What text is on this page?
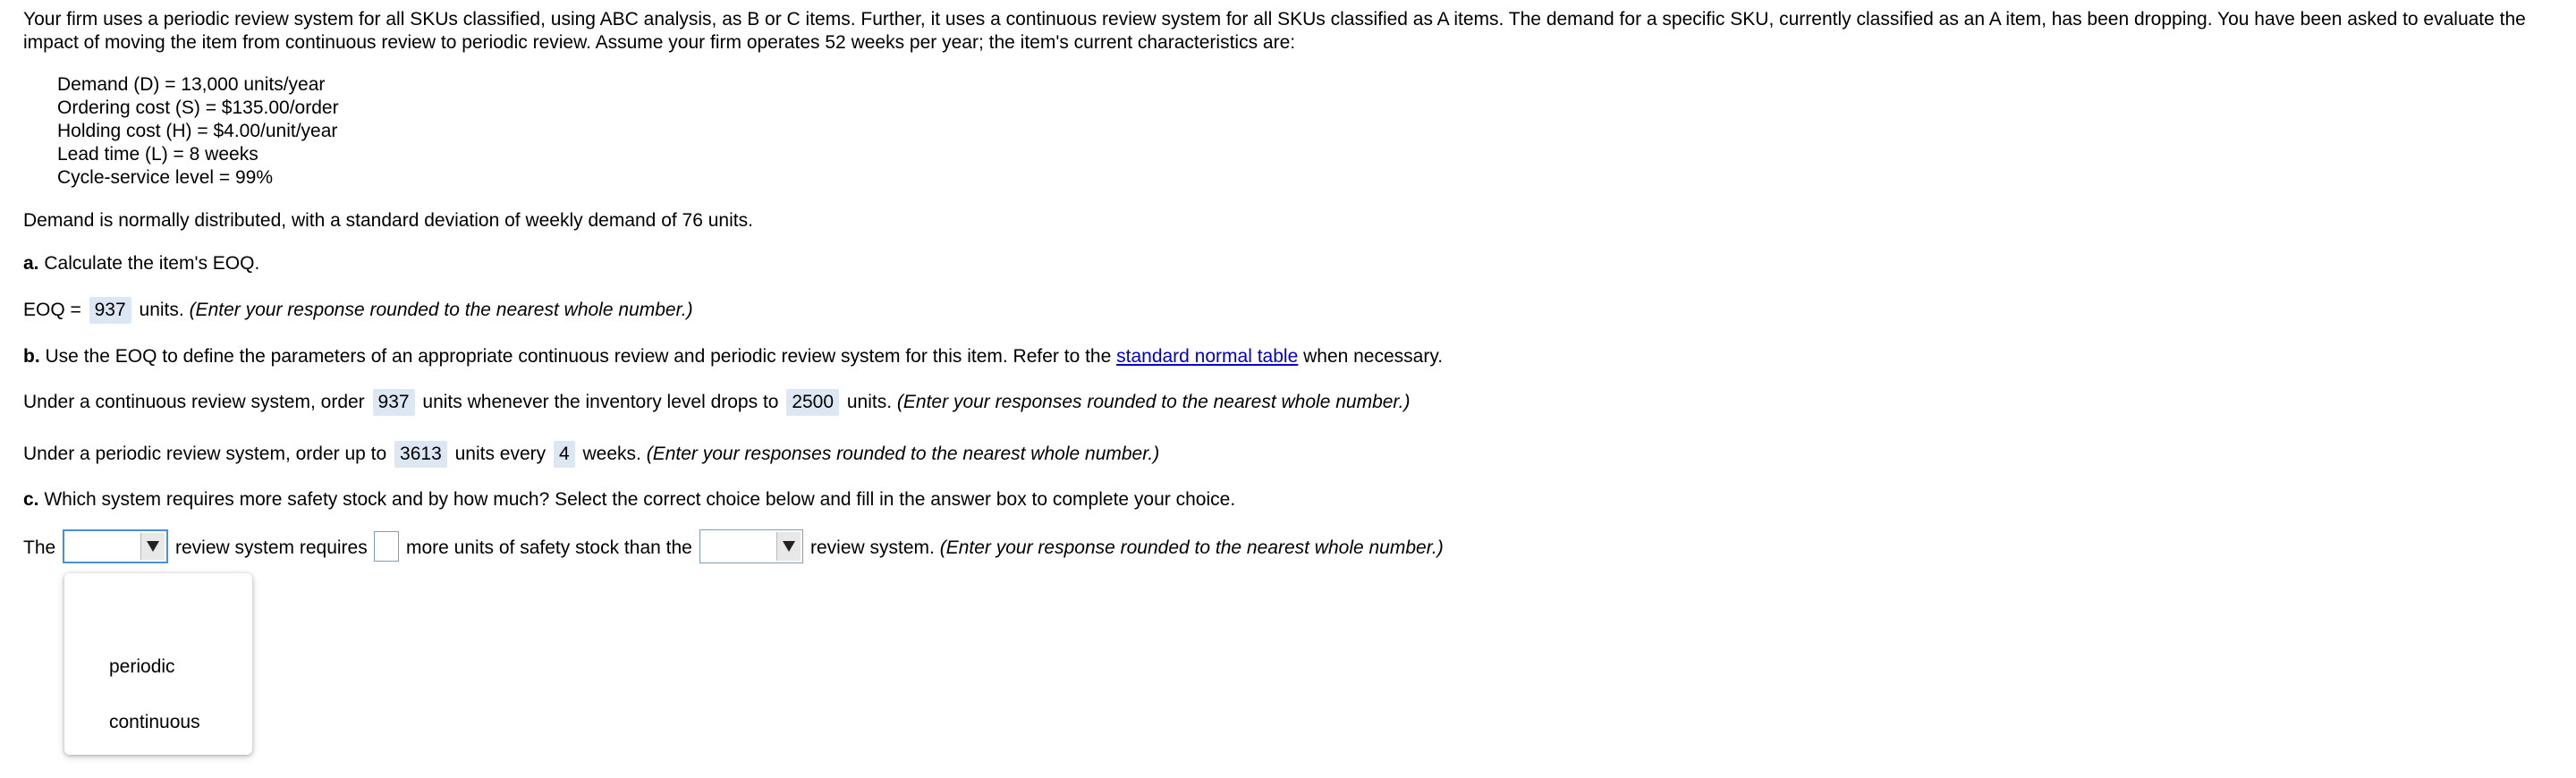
Your firm uses a periodic review system for all SKUs classified, using ABC analysis, as B or C items. Further, it uses a continuous review system for all SKUs classified as A items. The demand for a specific SKU, currently classified as an A item, has been dropping. You have been asked to evaluate the
impact of moving the item from continuous review to periodic review. Assume your firm operates 52 weeks per year; the item's current characteristics are:
Demand (D) = 13,000 units/year
Ordering cost (S) = $135.00/order
Holding cost (H) = $4.00/unit/year
Lead time (L) = 8 weeks
Cycle-service level = 99%
Demand is normally distributed, with a standard deviation of weekly demand of 76 units.
a. Calculate the item's EOQ.
EOQ = 937 units. (Enter your response rounded to the nearest whole number.)
b. Use the EOQ to define the parameters of an appropriate continuous review and periodic review system for this item. Refer to the standard normal table when necessary.
Under a continuous review system, order 937 units whenever the inventory level drops to 2500 units. (Enter your responses rounded to the nearest whole number.)
Under a periodic review system, order up to 3613 units every 4 weeks. (Enter your responses rounded to the nearest whole number.)
c. Which system requires more safety stock and by how much? Select the correct choice below and fill in the answer box to complete your choice.
The	review system requires more units of safety stock than the	review system. (Enter your response rounded to the nearest whole number.)
periodic
continuous
